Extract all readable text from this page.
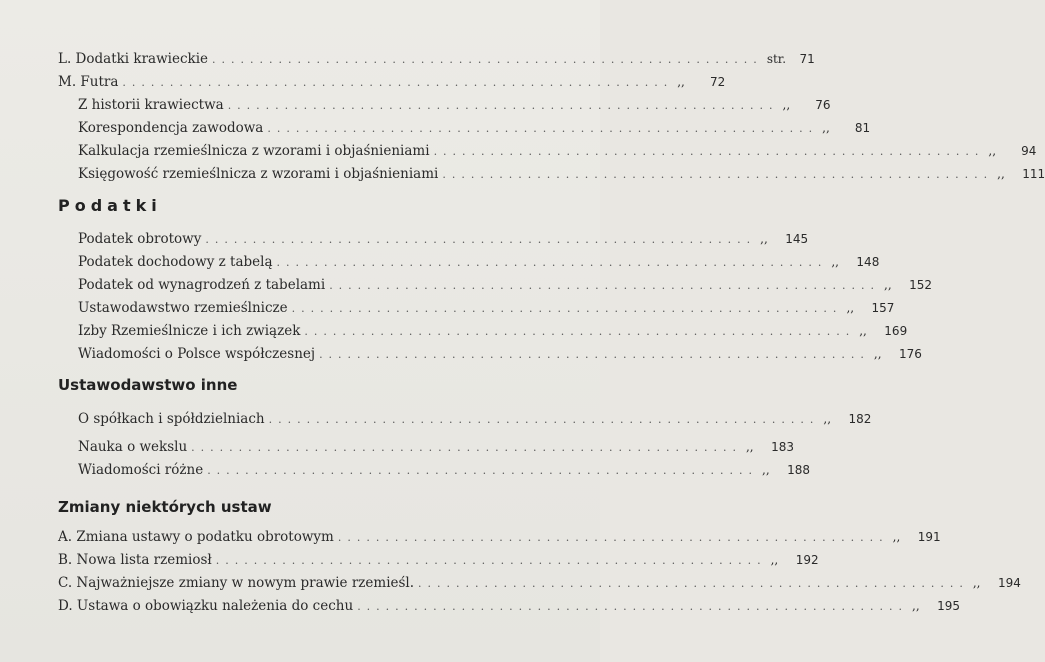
L. Dodatki krawieckie .......................................................... str.	71
M. Futra .......................................................... ,,	72
Z historii krawiectwa .......................................................... ,,	76
Korespondencja zawodowa .......................................................... ,,	81
Kalkulacja rzemieślnicza z wzorami i objaśnieniami .......................................................... ,,	94
Księgowość rzemieślnicza z wzorami i objaśnieniami .......................................................... ,,	111
Podatki
Podatek obrotowy .......................................................... ,,	145
Podatek dochodowy z tabelą .......................................................... ,,	148
Podatek od wynagrodzeń z tabelami .......................................................... ,,	152
Ustawodawstwo rzemieślnicze .......................................................... ,,	157
Izby Rzemieślnicze i ich związek .......................................................... ,,	169
Wiadomości o Polsce współczesnej .......................................................... ,,	176
Ustawodawstwo inne
O spółkach i spółdzielniach .......................................................... ,,	182
Nauka o wekslu .......................................................... ,,	183
Wiadomości różne .......................................................... ,,	188
Zmiany niektórych ustaw
A. Zmiana ustawy o podatku obrotowym .......................................................... ,,	191
B. Nowa lista rzemiosł .......................................................... ,,	192
C. Najważniejsze zmiany w nowym prawie rzemieśl. .......................................................... ,,	194
D. Ustawa o obowiązku należenia do cechu .......................................................... ,,	195
